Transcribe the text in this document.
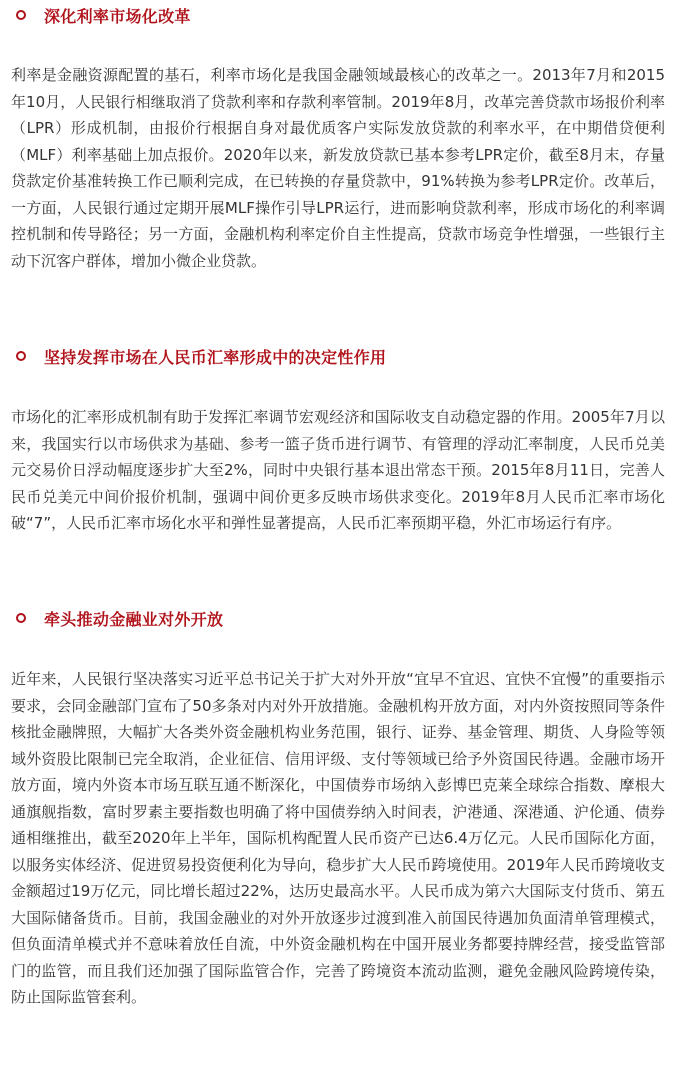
深化利率市场化改革

利率是金融资源配置的基石，利率市场化是我国金融领域最核心的改革之一。2013年7月和2015年10月，人民银行相继取消了贷款利率和存款利率管制。2019年8月，改革完善贷款市场报价利率（LPR）形成机制，由报价行根据自身对最优质客户实际发放贷款的利率水平，在中期借贷便利（MLF）利率基础上加点报价。2020年以来，新发放贷款已基本参考LPR定价，截至8月末，存量贷款定价基准转换工作已顺利完成，在已转换的存量贷款中，91%转换为参考LPR定价。改革后，一方面，人民银行通过定期开展MLF操作引导LPR运行，进而影响贷款利率，形成市场化的利率调控机制和传导路径；另一方面，金融机构利率定价自主性提高，贷款市场竞争性增强，一些银行主动下沉客户群体，增加小微企业贷款。

坚持发挥市场在人民币汇率形成中的决定性作用

市场化的汇率形成机制有助于发挥汇率调节宏观经济和国际收支自动稳定器的作用。2005年7月以来，我国实行以市场供求为基础、参考一篮子货币进行调节、有管理的浮动汇率制度，人民币兑美元交易价日浮动幅度逐步扩大至2%，同时中央银行基本退出常态干预。2015年8月11日，完善人民币兑美元中间价报价机制，强调中间价更多反映市场供求变化。2019年8月人民币汇率市场化破“7”，人民币汇率市场化水平和弹性显著提高，人民币汇率预期平稳，外汇市场运行有序。

牵头推动金融业对外开放

近年来，人民银行坚决落实习近平总书记关于扩大对外开放“宜早不宜迟、宜快不宜慢”的重要指示要求，会同金融部门宣布了50多条对内对外开放措施。金融机构开放方面，对内外资按照同等条件核批金融牌照，大幅扩大各类外资金融机构业务范围，银行、证券、基金管理、期货、人身险等领域外资股比限制已完全取消，企业征信、信用评级、支付等领域已给予外资国民待遇。金融市场开放方面，境内外资本市场互联互通不断深化，中国债券市场纳入彭博巴克莱全球综合指数、摩根大通旗舰指数，富时罗素主要指数也明确了将中国债券纳入时间表，沪港通、深港通、沪伦通、债券通相继推出，截至2020年上半年，国际机构配置人民币资产已达6.4万亿元。人民币国际化方面，以服务实体经济、促进贸易投资便利化为导向，稳步扩大人民币跨境使用。2019年人民币跨境收支金额超过19万亿元，同比增长超过22%，达历史最高水平。人民币成为第六大国际支付货币、第五大国际储备货币。目前，我国金融业的对外开放逐步过渡到准入前国民待遇加负面清单管理模式，但负面清单模式并不意味着放任自流，中外资金融机构在中国开展业务都要持牌经营，接受监管部门的监管，而且我们还加强了国际监管合作，完善了跨境资本流动监测，避免金融风险跨境传染，防止国际监管套利。
